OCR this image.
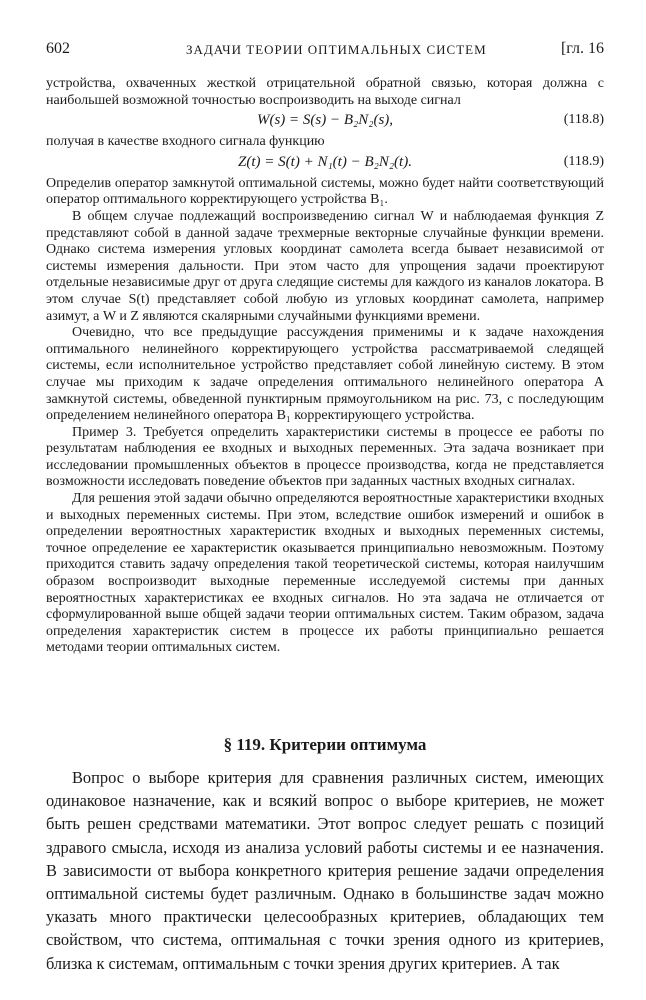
602	ЗАДАЧИ ТЕОРИИ ОПТИМАЛЬНЫХ СИСТЕМ	[гл. 16

устройства, охваченных жесткой отрицательной обратной связью, которая должна с наибольшей возможной точностью воспроизводить на выходе сигнал

W(s) = S(s) − B₂N₂(s),	(118.8)

получая в качестве входного сигнала функцию

Z(t) = S(t) + N₁(t) − B₂N₂(t).	(118.9)

Определив оператор замкнутой оптимальной системы, можно будет найти соответствующий оператор оптимального корректирующего устройства B₁.

В общем случае подлежащий воспроизведению сигнал W и наблюдаемая функция Z представляют собой в данной задаче трехмерные векторные случайные функции времени. Однако система измерения угловых координат самолета всегда бывает независимой от системы измерения дальности. При этом часто для упрощения задачи проектируют отдельные независимые друг от друга следящие системы для каждого из каналов локатора. В этом случае S(t) представляет собой любую из угловых координат самолета, например азимут, а W и Z являются скалярными случайными функциями времени.

Очевидно, что все предыдущие рассуждения применимы и к задаче нахождения оптимального нелинейного корректирующего устройства рассматриваемой следящей системы, если исполнительное устройство представляет собой линейную систему. В этом случае мы приходим к задаче определения оптимального нелинейного оператора A замкнутой системы, обведенной пунктирным прямоугольником на рис. 73, с последующим определением нелинейного оператора B₁ корректирующего устройства.

Пример 3. Требуется определить характеристики системы в процессе ее работы по результатам наблюдения ее входных и выходных переменных. Эта задача возникает при исследовании промышленных объектов в процессе производства, когда не представляется возможности исследовать поведение объектов при заданных частных входных сигналах.

Для решения этой задачи обычно определяются вероятностные характеристики входных и выходных переменных системы. При этом, вследствие ошибок измерений и ошибок в определении вероятностных характеристик входных и выходных переменных системы, точное определение ее характеристик оказывается принципиально невозможным. Поэтому приходится ставить задачу определения такой теоретической системы, которая наилучшим образом воспроизводит выходные переменные исследуемой системы при данных вероятностных характеристиках ее входных сигналов. Но эта задача не отличается от сформулированной выше общей задачи теории оптимальных систем. Таким образом, задача определения характеристик систем в процессе их работы принципиально решается методами теории оптимальных систем.

§ 119. Критерии оптимума

Вопрос о выборе критерия для сравнения различных систем, имеющих одинаковое назначение, как и всякий вопрос о выборе критериев, не может быть решен средствами математики. Этот вопрос следует решать с позиций здравого смысла, исходя из анализа условий работы системы и ее назначения. В зависимости от выбора конкретного критерия решение задачи определения оптимальной системы будет различным. Однако в большинстве задач можно указать много практически целесообразных критериев, обладающих тем свойством, что система, оптимальная с точки зрения одного из критериев, близка к системам, оптимальным с точки зрения других критериев. А так
